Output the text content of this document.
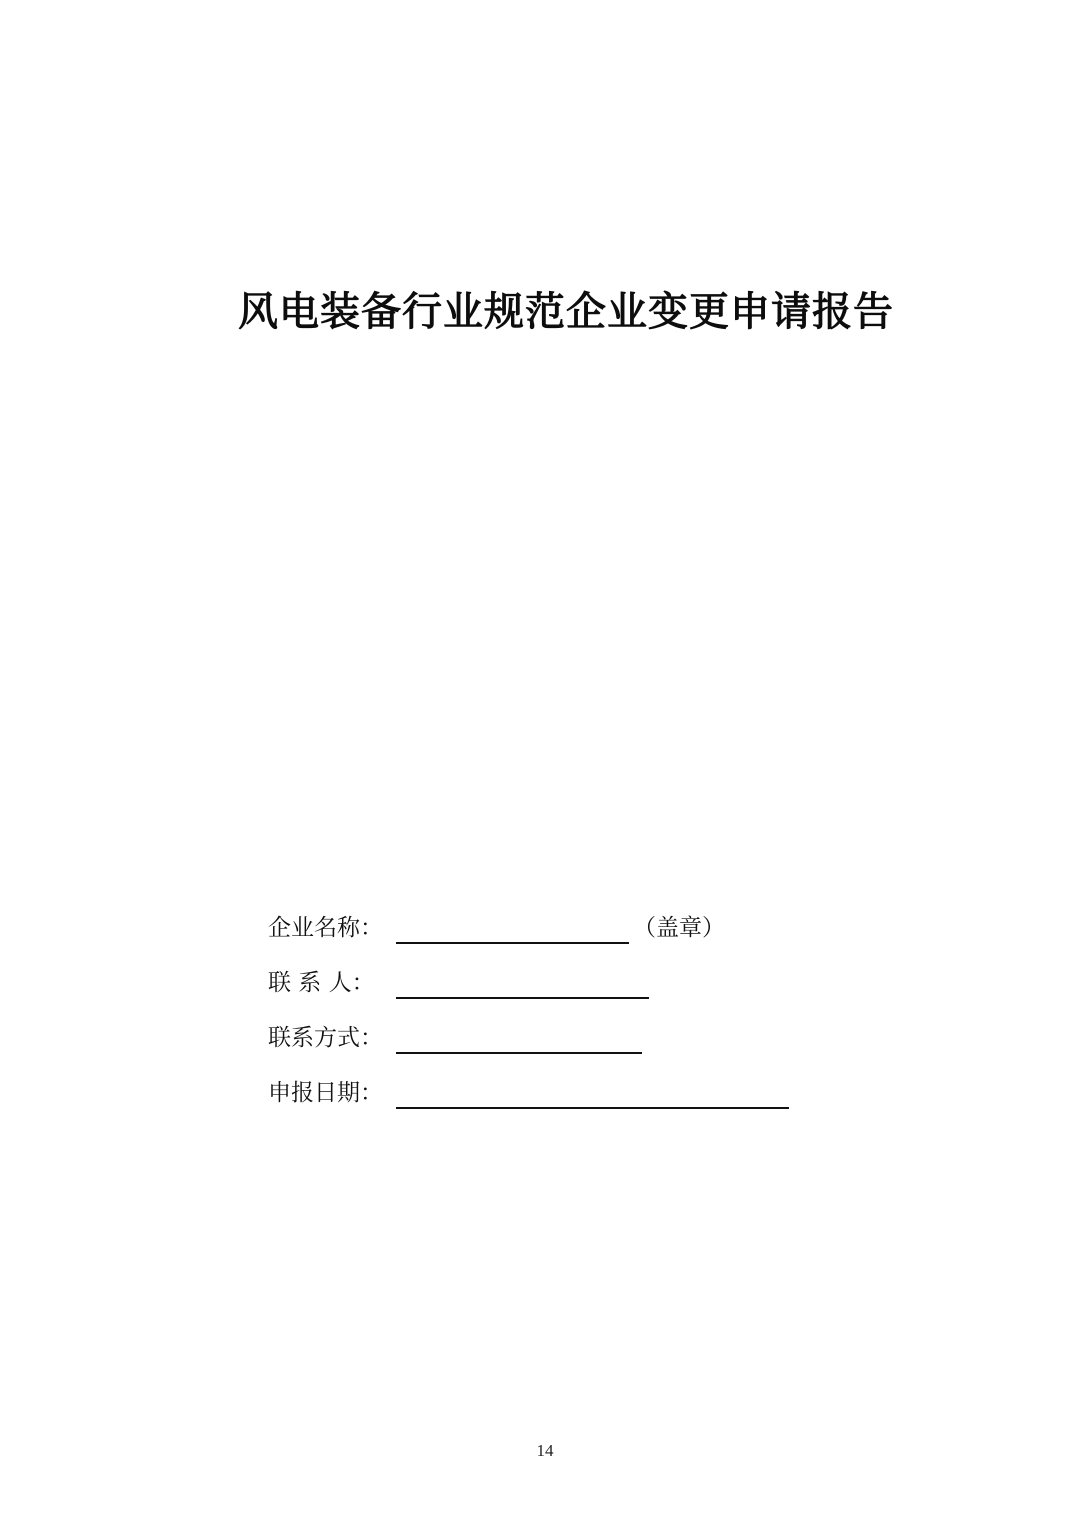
风电装备行业规范企业变更申请报告
企业名称：	（盖章）
联 系 人：
联系方式：
申报日期：
14
